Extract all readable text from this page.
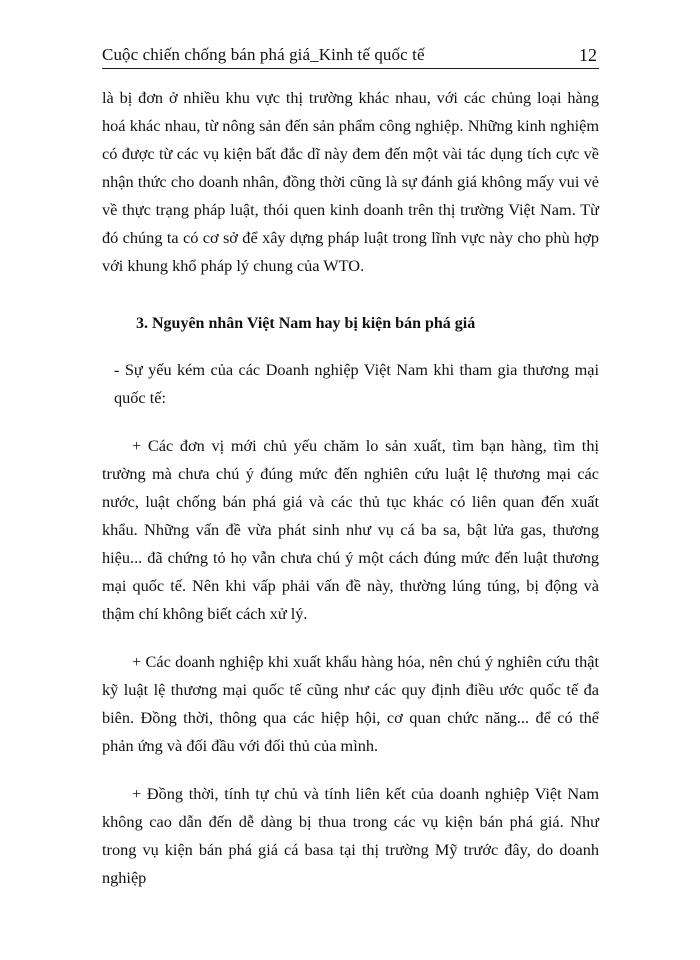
Cuộc chiến chống bán phá giá_Kinh tế quốc tế	12

là bị đơn ở nhiều khu vực thị trường khác nhau, với các chủng loại hàng hoá khác nhau, từ nông sản đến sản phẩm công nghiệp. Những kinh nghiệm có được từ các vụ kiện bất đắc dĩ này đem đến một vài tác dụng tích cực về nhận thức cho doanh nhân, đồng thời cũng là sự đánh giá không mấy vui vẻ về thực trạng pháp luật, thói quen kinh doanh trên thị trường Việt Nam. Từ đó chúng ta có cơ sở để xây dựng pháp luật trong lĩnh vực này cho phù hợp với khung khổ pháp lý chung của WTO.

3. Nguyên nhân Việt Nam hay bị kiện bán phá giá

- Sự yếu kém của các Doanh nghiệp Việt Nam khi tham gia thương mại quốc tế:

+ Các đơn vị mới chủ yếu chăm lo sản xuất, tìm bạn hàng, tìm thị trường mà chưa chú ý đúng mức đến nghiên cứu luật lệ thương mại các nước, luật chống bán phá giá và các thủ tục khác có liên quan đến xuất khẩu. Những vấn đề vừa phát sinh như vụ cá ba sa, bật lửa gas, thương hiệu... đã chứng tỏ họ vẫn chưa chú ý một cách đúng mức đến luật thương mại quốc tế. Nên khi vấp phải vấn đề này, thường lúng túng, bị động và thậm chí không biết cách xử lý.

+ Các doanh nghiệp khi xuất khẩu hàng hóa, nên chú ý nghiên cứu thật kỹ luật lệ thương mại quốc tế cũng như các quy định điều ước quốc tế đa biên. Đồng thời, thông qua các hiệp hội, cơ quan chức năng... để có thể phản ứng và đối đầu với đối thủ của mình.

+ Đồng thời, tính tự chủ và tính liên kết của doanh nghiệp Việt Nam không cao dẫn đến dễ dàng bị thua trong các vụ kiện bán phá giá. Như trong vụ kiện bán phá giá cá basa tại thị trường Mỹ trước đây, do doanh nghiệp
